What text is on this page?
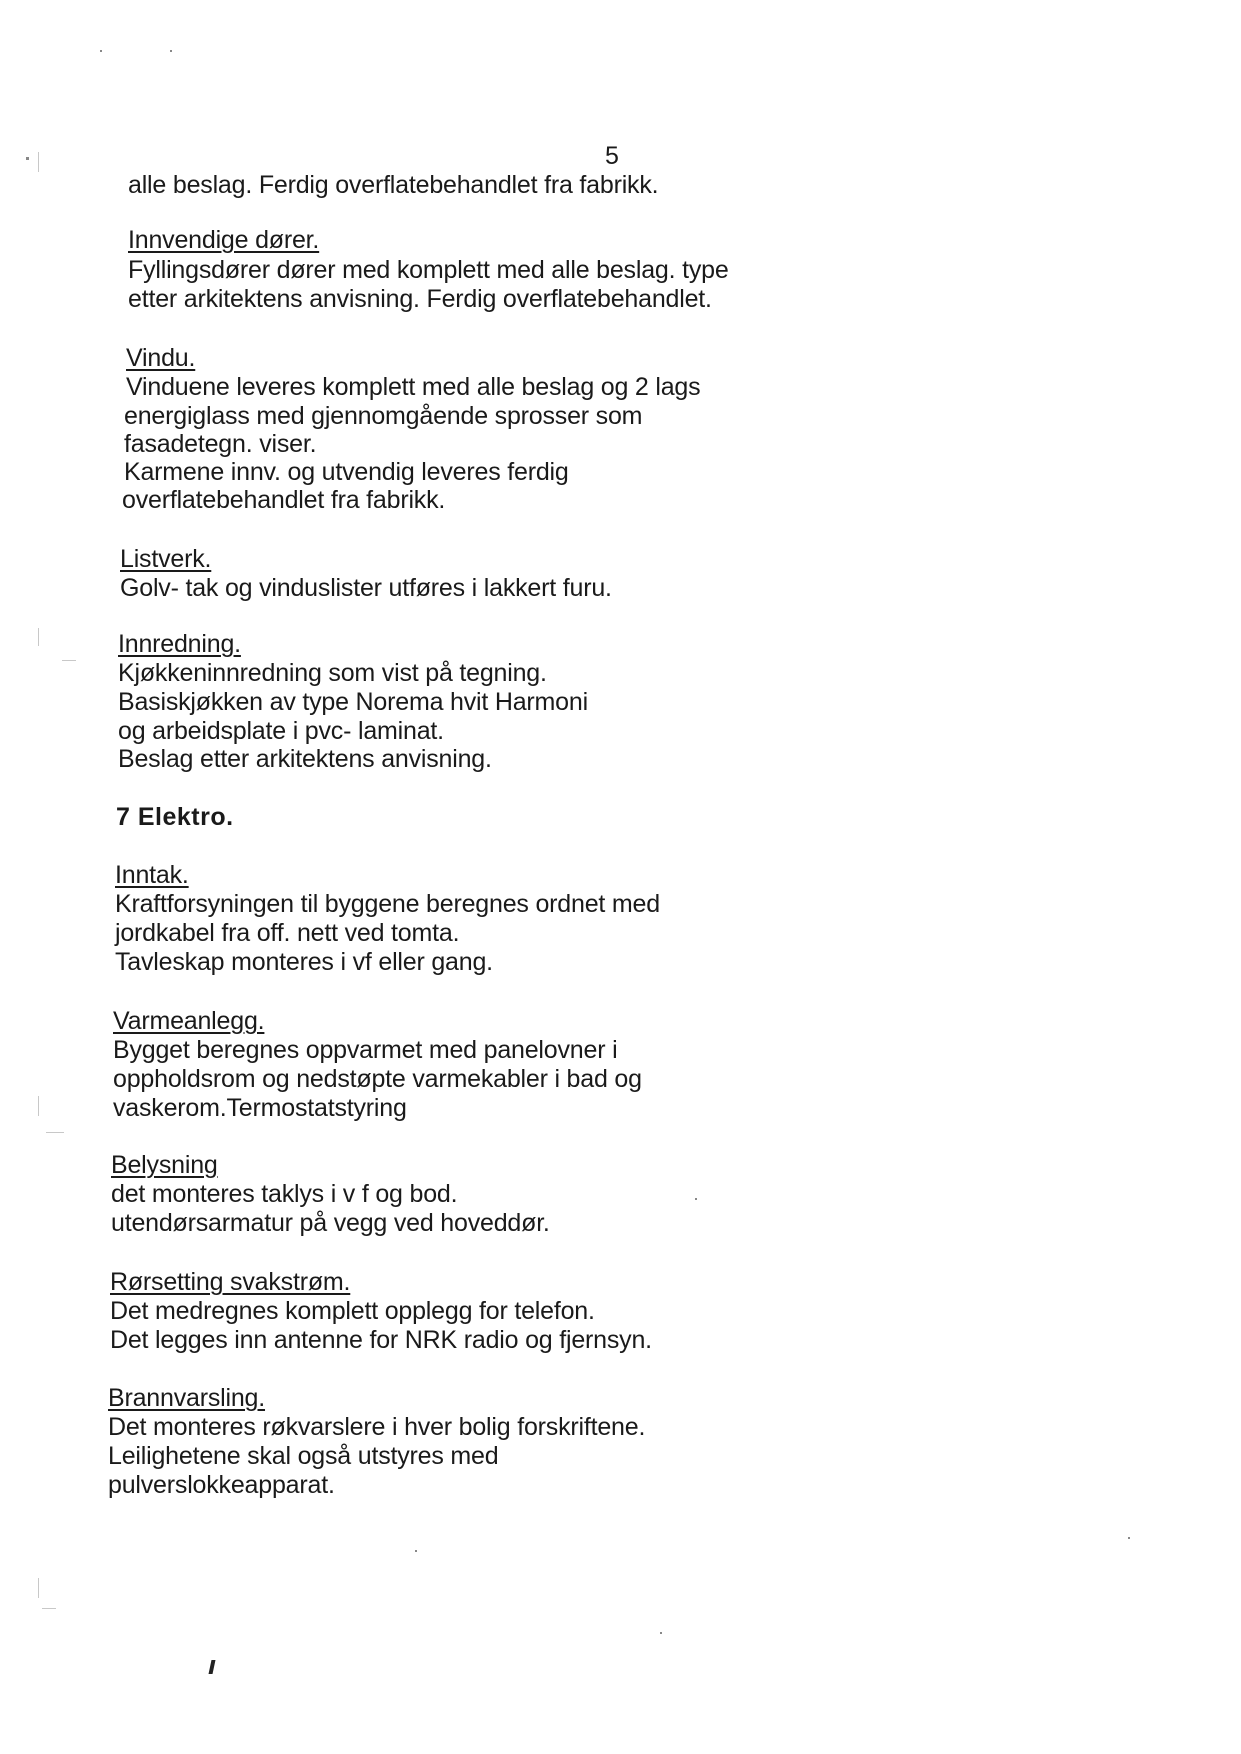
5
alle beslag. Ferdig overflatebehandlet fra fabrikk.
Innvendige dører.
Fyllingsdører dører med komplett med alle beslag. type
etter arkitektens anvisning. Ferdig overflatebehandlet.
Vindu.
Vinduene leveres komplett med alle beslag og 2 lags
energiglass med gjennomgående sprosser som
fasadetegn. viser.
Karmene innv. og utvendig leveres ferdig
overflatebehandlet fra fabrikk.
Listverk.
Golv- tak og vinduslister utføres i lakkert furu.
Innredning.
Kjøkkeninnredning som vist på tegning.
Basiskjøkken av type Norema hvit Harmoni
og arbeidsplate i pvc- laminat.
Beslag etter arkitektens anvisning.
7 Elektro.
Inntak.
Kraftforsyningen til byggene beregnes ordnet med
jordkabel fra off. nett ved tomta.
Tavleskap monteres i vf eller gang.
Varmeanlegg.
Bygget beregnes oppvarmet med panelovner i
oppholdsrom og nedstøpte varmekabler i bad og
vaskerom.Termostatstyring
Belysning
det monteres taklys i v f og bod.
utendørsarmatur på vegg ved hoveddør.
Rørsetting svakstrøm.
Det medregnes komplett opplegg for telefon.
Det legges inn antenne for NRK radio og fjernsyn.
Brannvarsling.
Det monteres røkvarslere i hver bolig forskriftene.
Leilighetene skal også utstyres med
pulverslokkeapparat.
